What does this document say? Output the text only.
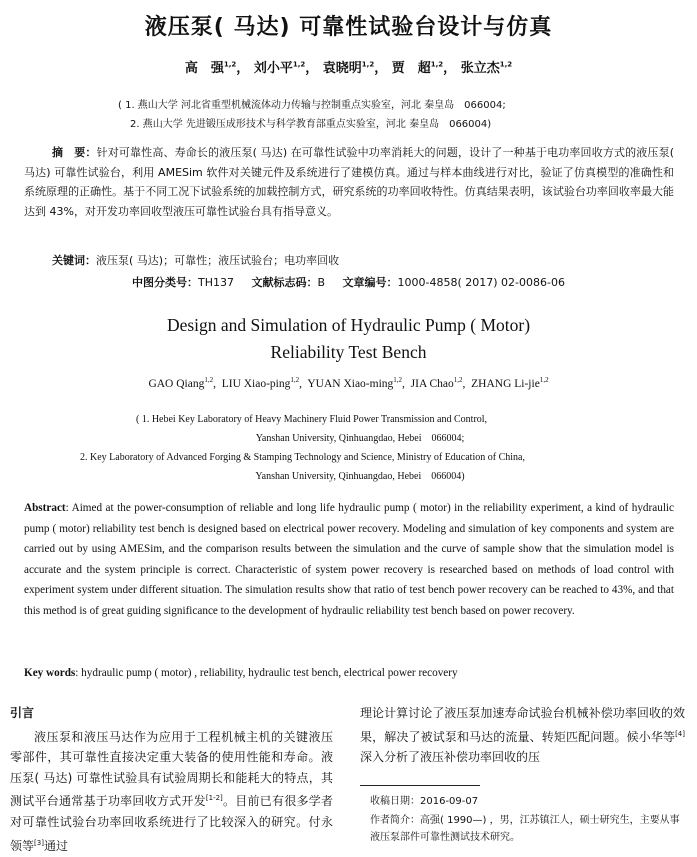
液压泵( 马达) 可靠性试验台设计与仿真
高　强$^{1,2}$， 刘小平$^{1,2}$， 袁晓明$^{1,2}$， 贾　超$^{1,2}$， 张立杰$^{1,2}$
( 1. 燕山大学 河北省重型机械流体动力传输与控制重点实验室，河北 秦皇岛　066004;
2. 燕山大学 先进锻压成形技术与科学教育部重点实验室，河北 秦皇岛　066004)
摘　要：针对可靠性高、寿命长的液压泵( 马达) 在可靠性试验中功率消耗大的问题，设计了一种基于电功率回收方式的液压泵( 马达) 可靠性试验台，利用 AMESim 软件对关键元件及系统进行了建模仿真。通过与样本曲线进行对比，验证了仿真模型的准确性和系统原理的正确性。基于不同工况下试验系统的加载控制方式，研究系统的功率回收特性。仿真结果表明，该试验台功率回收率最大能达到 43%，对开发功率回收型液压可靠性试验台具有指导意义。
关键词：液压泵( 马达)；可靠性；液压试验台；电功率回收
中图分类号：TH137 文献标志码：B 文章编号：1000-4858( 2017) 02-0086-06
Design and Simulation of Hydraulic Pump ( Motor)
Reliability Test Bench
GAO Qiang$^{1,2}$,  LIU Xiao-ping$^{1,2}$,  YUAN Xiao-ming$^{1,2}$,  JIA Chao$^{1,2}$,  ZHANG Li-jie$^{1,2}$
( 1. Hebei Key Laboratory of Heavy Machinery Fluid Power Transmission and Control,
Yanshan University, Qinhuangdao, Hebei　066004;
2. Key Laboratory of Advanced Forging & Stamping Technology and Science, Ministry of Education of China,
Yanshan University, Qinhuangdao, Hebei　066004)
Abstract: Aimed at the power-consumption of reliable and long life hydraulic pump ( motor) in the reliability experiment, a kind of hydraulic pump ( motor) reliability test bench is designed based on electrical power recovery. Modeling and simulation of key components and system are carried out by using AMESim, and the comparison results between the simulation and the curve of sample show that the simulation model is accurate and the system principle is correct. Characteristic of system power recovery is researched based on methods of load control with experiment system under different situation. The simulation results show that ratio of test bench power recovery can be reached to 43%, and that this method is of great guiding significance to the development of hydraulic reliability test bench based on power recovery.
Key words: hydraulic pump ( motor) , reliability, hydraulic test bench, electrical power recovery
引言

液压泵和液压马达作为应用于工程机械主机的关键液压零部件，其可靠性直接决定重大装备的使用性能和寿命。液压泵( 马达) 可靠性试验具有试验周期长和能耗大的特点，其测试平台通常基于功率回收方式开发[1-2]。目前已有很多学者对可靠性试验台功率回收系统进行了比较深入的研究。付永领等[3]通过

理论计算讨论了液压泵加速寿命试验台机械补偿功率回收的效果，解决了被试泵和马达的流量、转矩匹配问题。候小华等[4]深入分析了液压补偿功率回收的压

收稿日期：2016-09-07
作者简介：高强( 1990—) ，男，江苏镇江人，硕士研究生，主要从事液压泵部件可靠性测试技术研究。
